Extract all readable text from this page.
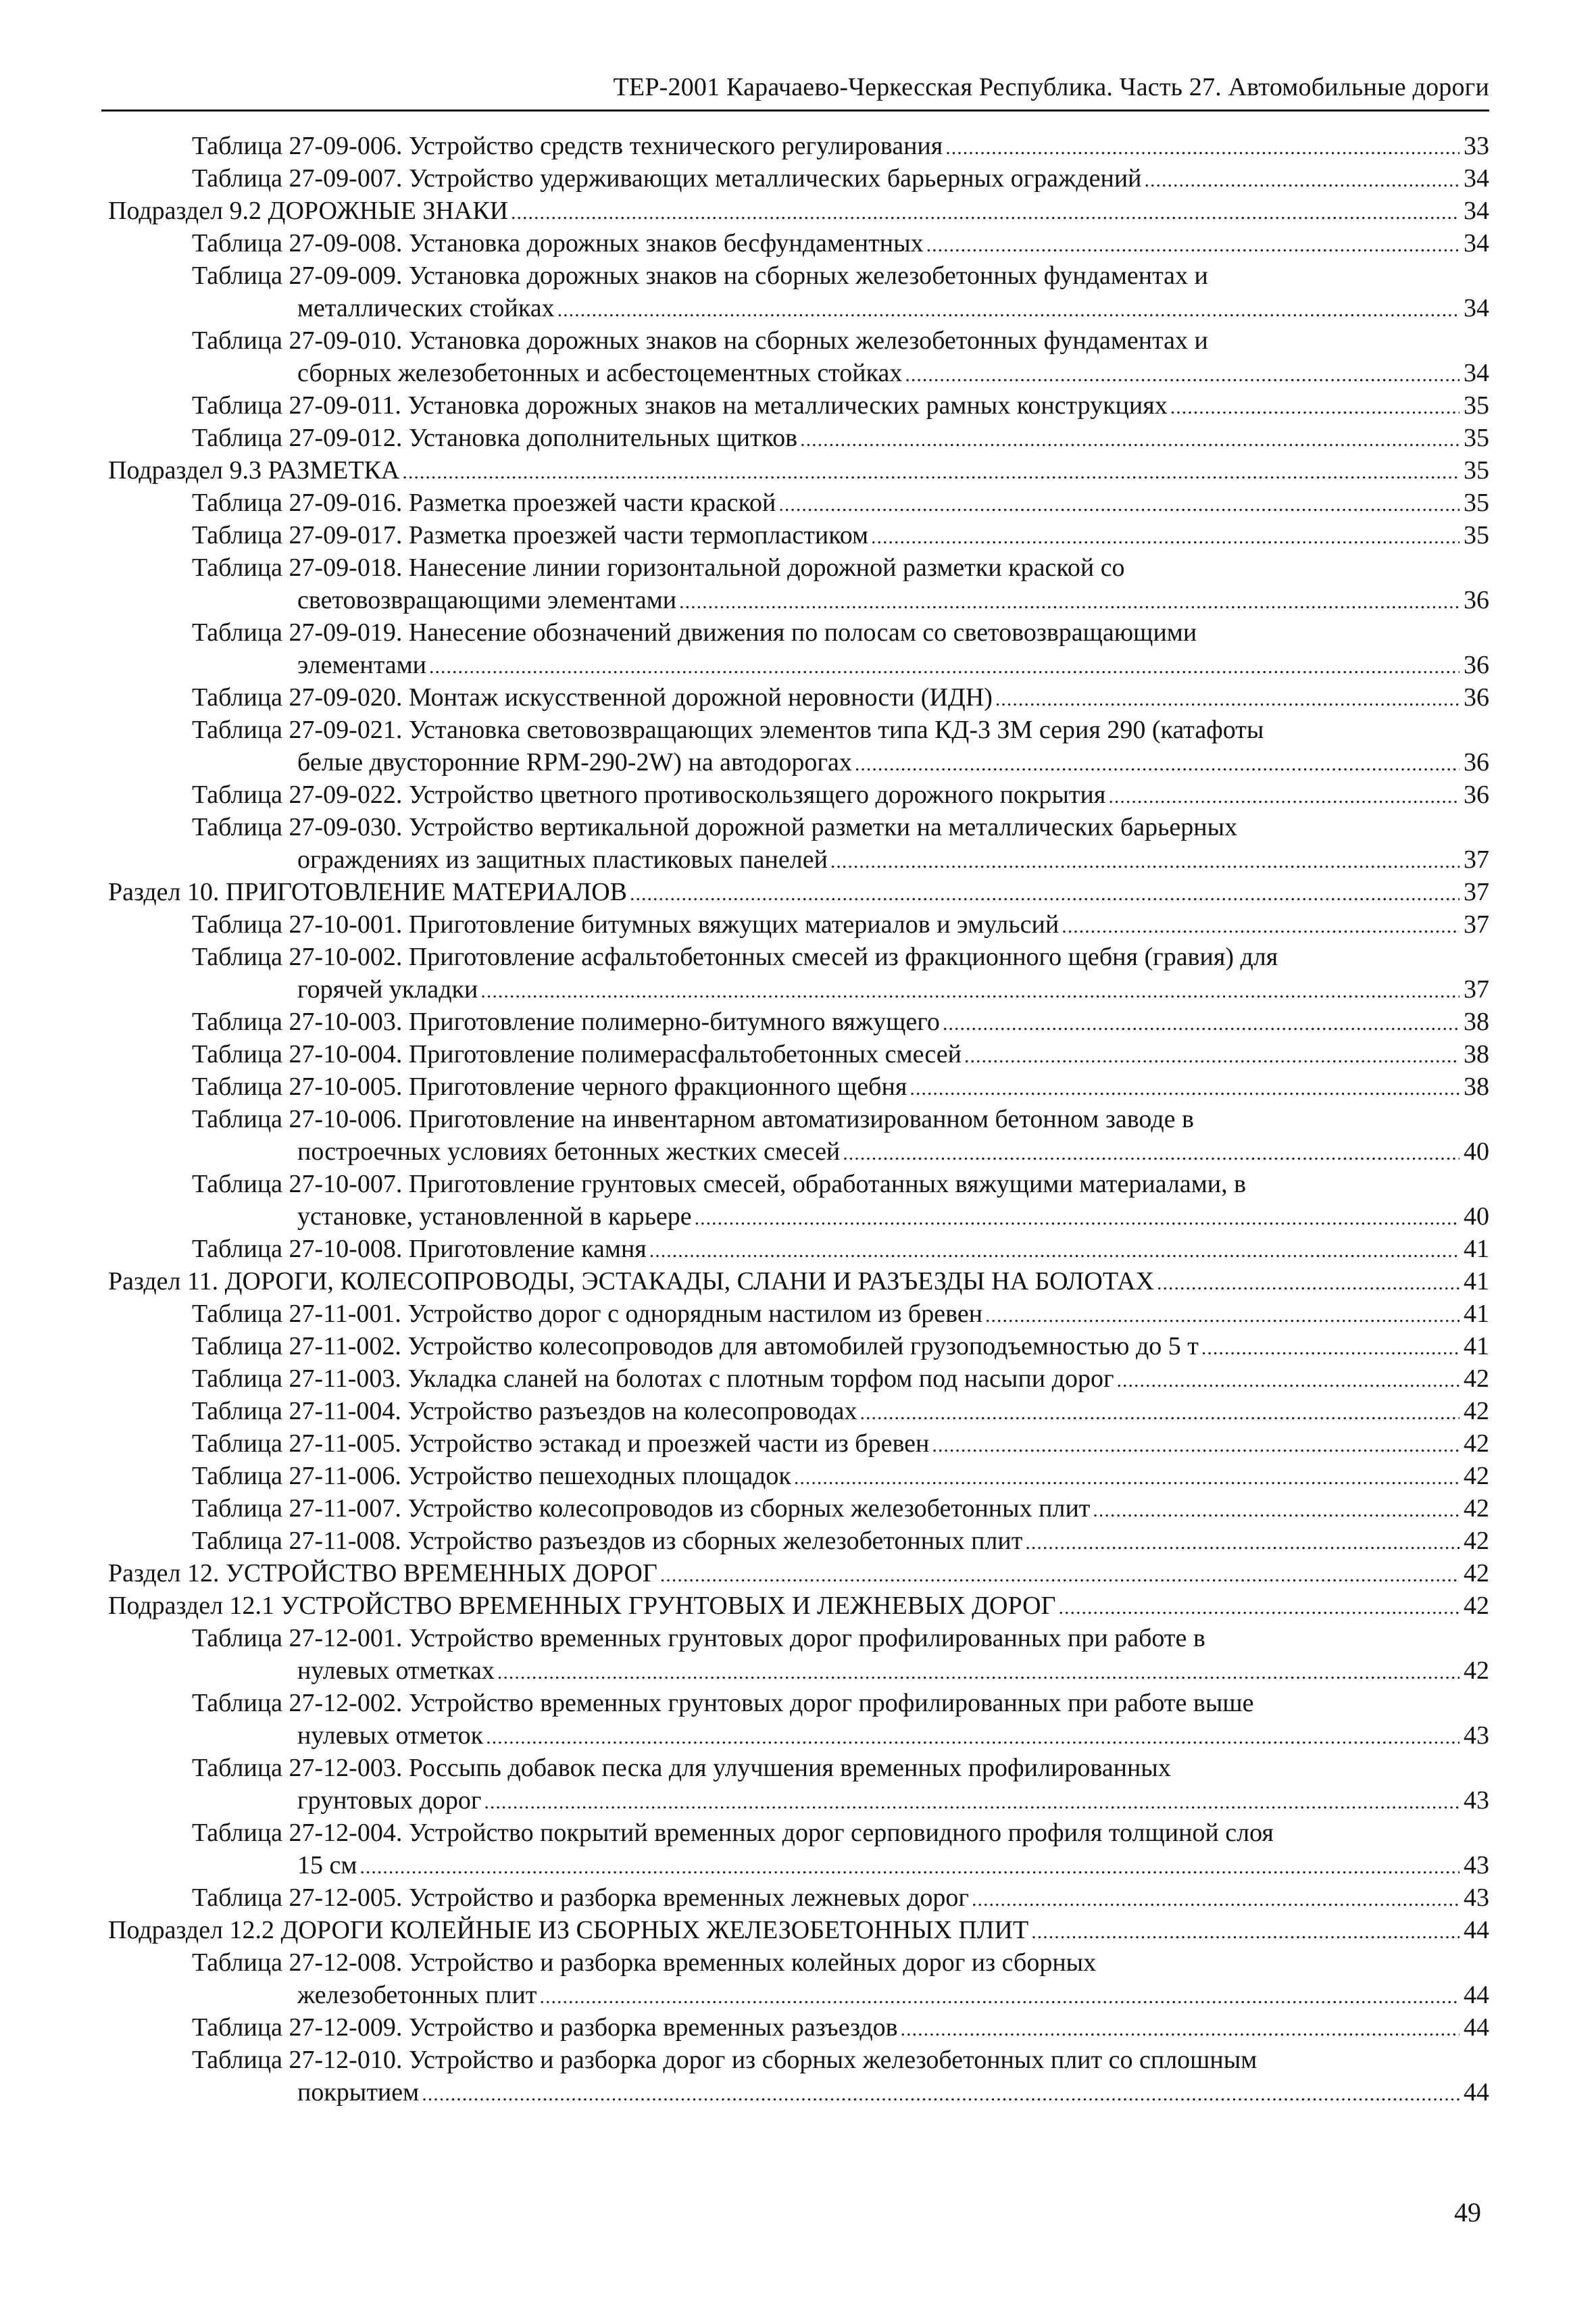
ТЕР-2001 Карачаево-Черкесская Республика. Часть 27. Автомобильные дороги
Таблица 27-09-006. Устройство средств технического регулирования .....	33
Таблица 27-09-007. Устройство удерживающих металлических барьерных ограждений .....	34
Подраздел 9.2 ДОРОЖНЫЕ ЗНАКИ .....	34
Таблица 27-09-008. Установка дорожных знаков бесфундаментных .....	34
Таблица 27-09-009. Установка дорожных знаков на сборных железобетонных фундаментах и
металлических стойках .....	34
Таблица 27-09-010. Установка дорожных знаков на сборных железобетонных фундаментах и
сборных железобетонных и асбестоцементных стойках .....	34
Таблица 27-09-011. Установка дорожных знаков на металлических рамных конструкциях .....	35
Таблица 27-09-012. Установка дополнительных щитков .....	35
Подраздел 9.3 РАЗМЕТКА .....	35
Таблица 27-09-016. Разметка проезжей части краской .....	35
Таблица 27-09-017. Разметка проезжей части термопластиком .....	35
Таблица 27-09-018. Нанесение линии горизонтальной дорожной разметки краской со
световозвращающими элементами .....	36
Таблица 27-09-019. Нанесение обозначений движения по полосам со световозвращающими
элементами .....	36
Таблица 27-09-020. Монтаж искусственной дорожной неровности (ИДН) .....	36
Таблица 27-09-021. Установка световозвращающих элементов типа КД-3 ЗМ серия 290 (катафоты
белые двусторонние RPM-290-2W) на автодорогах .....	36
Таблица 27-09-022. Устройство цветного противоскользящего дорожного покрытия .....	36
Таблица 27-09-030. Устройство вертикальной дорожной разметки на металлических барьерных
ограждениях из защитных пластиковых панелей .....	37
Раздел 10. ПРИГОТОВЛЕНИЕ МАТЕРИАЛОВ .....	37
Таблица 27-10-001. Приготовление битумных вяжущих материалов и эмульсий .....	37
Таблица 27-10-002. Приготовление асфальтобетонных смесей из фракционного щебня (гравия) для
горячей укладки .....	37
Таблица 27-10-003. Приготовление полимерно-битумного вяжущего .....	38
Таблица 27-10-004. Приготовление полимерасфальтобетонных смесей .....	38
Таблица 27-10-005. Приготовление черного фракционного щебня .....	38
Таблица 27-10-006. Приготовление на инвентарном автоматизированном бетонном заводе в
построечных условиях бетонных жестких смесей .....	40
Таблица 27-10-007. Приготовление грунтовых смесей, обработанных вяжущими материалами, в
установке, установленной в карьере .....	40
Таблица 27-10-008. Приготовление камня .....	41
Раздел 11. ДОРОГИ, КОЛЕСОПРОВОДЫ, ЭСТАКАДЫ, СЛАНИ И РАЗЪЕЗДЫ НА БОЛОТАХ .....	41
Таблица 27-11-001. Устройство дорог с однорядным настилом из бревен .....	41
Таблица 27-11-002. Устройство колесопроводов для автомобилей грузоподъемностью до 5 т .....	41
Таблица 27-11-003. Укладка сланей на болотах с плотным торфом под насыпи дорог .....	42
Таблица 27-11-004. Устройство разъездов на колесопроводах .....	42
Таблица 27-11-005. Устройство эстакад и проезжей части из бревен .....	42
Таблица 27-11-006. Устройство пешеходных площадок .....	42
Таблица 27-11-007. Устройство колесопроводов из сборных железобетонных плит .....	42
Таблица 27-11-008. Устройство разъездов из сборных железобетонных плит .....	42
Раздел 12. УСТРОЙСТВО ВРЕМЕННЫХ ДОРОГ .....	42
Подраздел 12.1 УСТРОЙСТВО ВРЕМЕННЫХ ГРУНТОВЫХ И ЛЕЖНЕВЫХ ДОРОГ .....	42
Таблица 27-12-001. Устройство временных грунтовых дорог профилированных при работе в
нулевых отметках .....	42
Таблица 27-12-002. Устройство временных грунтовых дорог профилированных при работе выше
нулевых отметок .....	43
Таблица 27-12-003. Россыпь добавок песка для улучшения временных профилированных
грунтовых дорог .....	43
Таблица 27-12-004. Устройство покрытий временных дорог серповидного профиля толщиной слоя
15 см .....	43
Таблица 27-12-005. Устройство и разборка временных лежневых дорог .....	43
Подраздел 12.2 ДОРОГИ КОЛЕЙНЫЕ ИЗ СБОРНЫХ ЖЕЛЕЗОБЕТОННЫХ ПЛИТ .....	44
Таблица 27-12-008. Устройство и разборка временных колейных дорог из сборных
железобетонных плит .....	44
Таблица 27-12-009. Устройство и разборка временных разъездов .....	44
Таблица 27-12-010. Устройство и разборка дорог из сборных железобетонных плит со сплошным
покрытием .....	44
49
